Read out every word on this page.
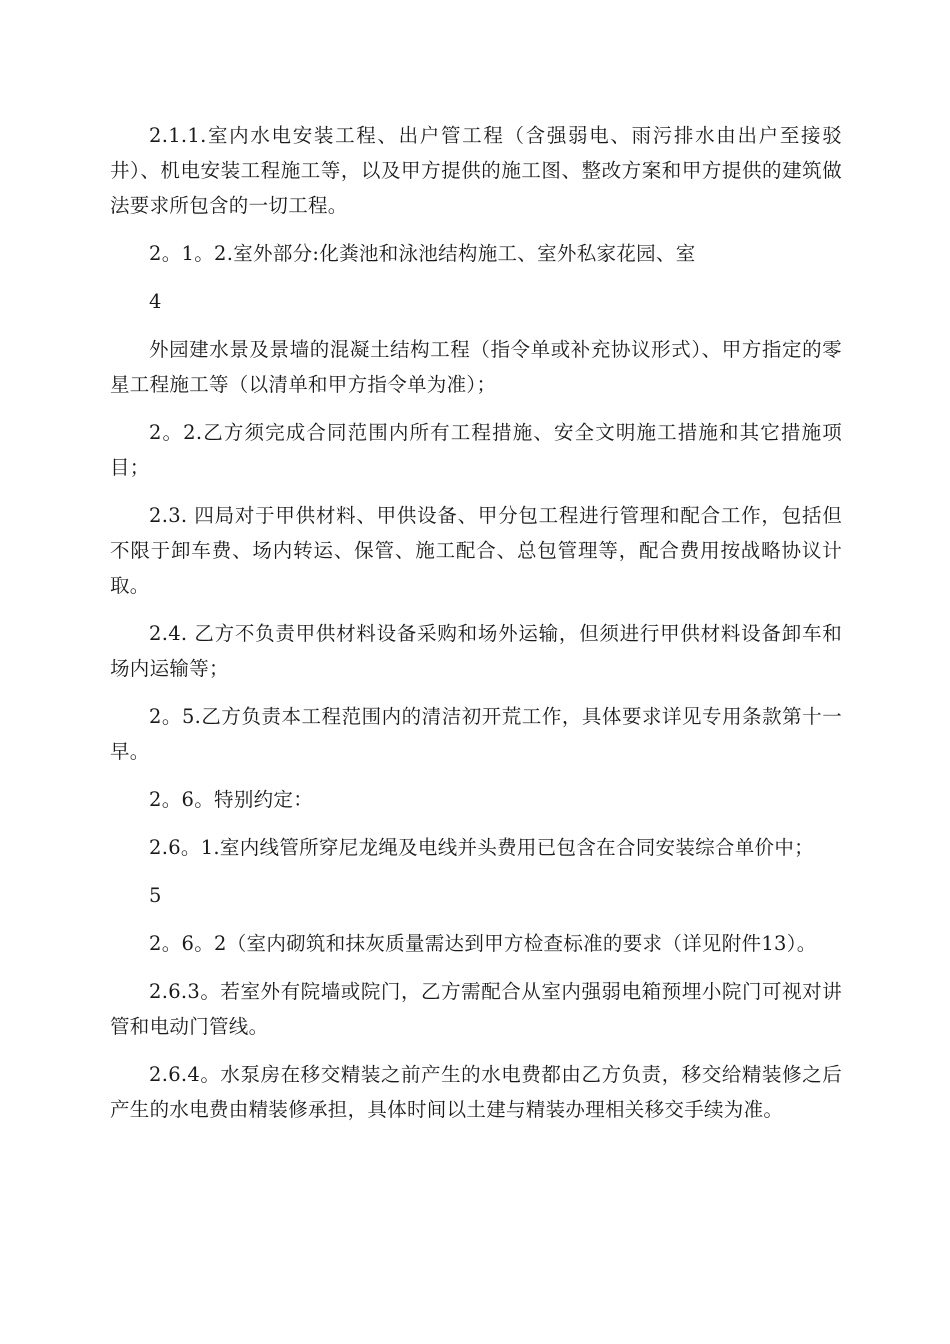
2.1.1.室内水电安装工程、出户管工程（含强弱电、雨污排水由出户至接驳井）、机电安装工程施工等，以及甲方提供的施工图、整改方案和甲方提供的建筑做法要求所包含的一切工程。

2。1。2.室外部分:化粪池和泳池结构施工、室外私家花园、室

4

外园建水景及景墙的混凝土结构工程（指令单或补充协议形式）、甲方指定的零星工程施工等（以清单和甲方指令单为准）；

2。2.乙方须完成合同范围内所有工程措施、安全文明施工措施和其它措施项目；

2.3. 四局对于甲供材料、甲供设备、甲分包工程进行管理和配合工作，包括但不限于卸车费、场内转运、保管、施工配合、总包管理等，配合费用按战略协议计取。

2.4. 乙方不负责甲供材料设备采购和场外运输，但须进行甲供材料设备卸车和场内运输等；

2。5.乙方负责本工程范围内的清洁初开荒工作，具体要求详见专用条款第十一早。

2。6。特别约定：

2.6。1.室内线管所穿尼龙绳及电线并头费用已包含在合同安装综合单价中；

5

2。6。2（室内砌筑和抹灰质量需达到甲方检查标准的要求（详见附件13）。

2.6.3。若室外有院墙或院门，乙方需配合从室内强弱电箱预埋小院门可视对讲管和电动门管线。

2.6.4。水泵房在移交精装之前产生的水电费都由乙方负责，移交给精装修之后产生的水电费由精装修承担，具体时间以土建与精装办理相关移交手续为准。
